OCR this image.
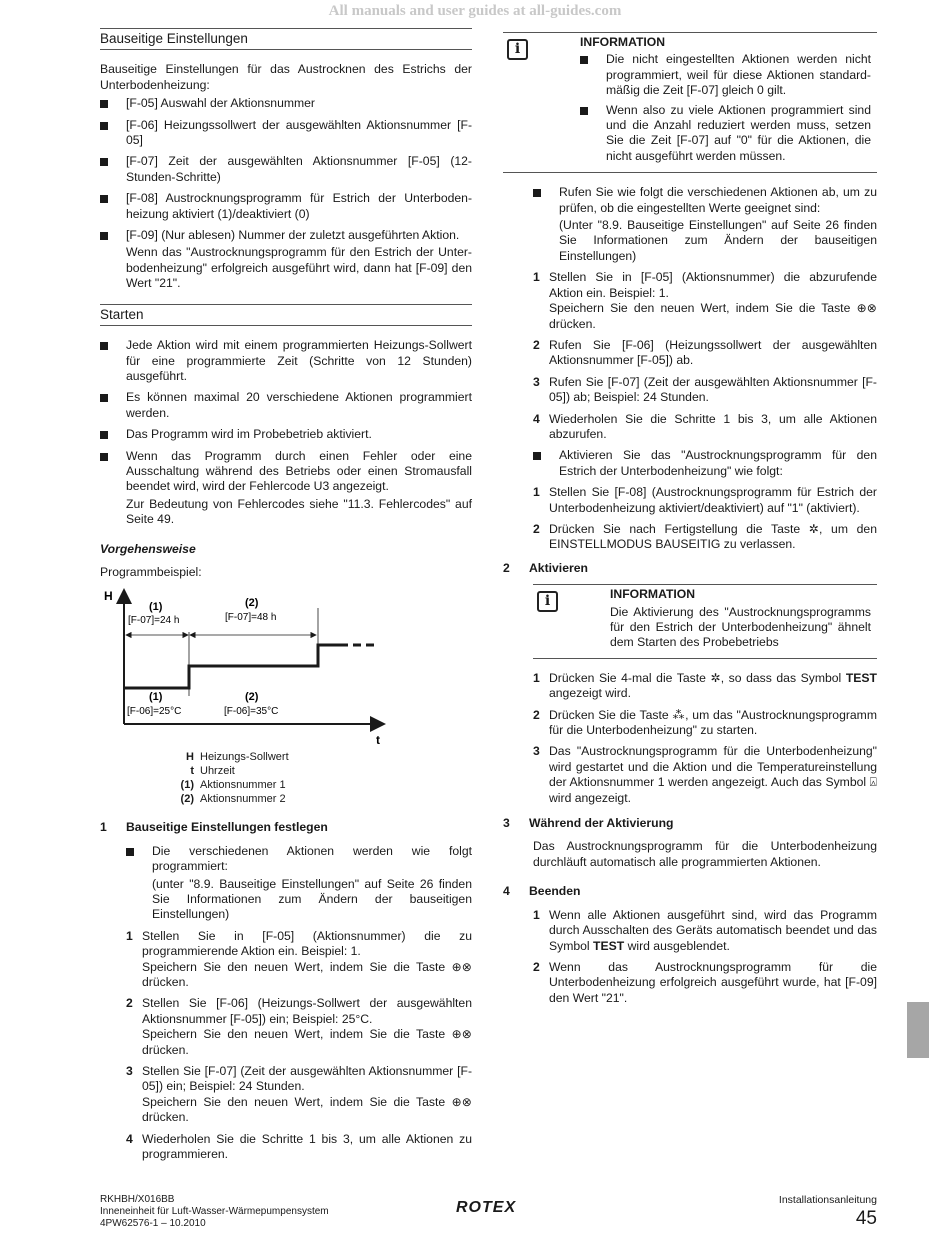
All manuals and user guides at all-guides.com
Bauseitige Einstellungen

Bauseitige Einstellungen für das Austrocknen des Estrichs der Unterbodenheizung:

[F-05] Auswahl der Aktionsnummer
[F-06] Heizungssollwert der ausgewählten Aktionsnummer [F-05]
[F-07] Zeit der ausgewählten Aktionsnummer [F-05] (12-Stunden-Schritte)
[F-08] Austrocknungsprogramm für Estrich der Unterboden-heizung aktiviert (1)/deaktiviert (0)
[F-09] (Nur ablesen) Nummer der zuletzt ausgeführten Aktion.
Wenn das "Austrocknungsprogramm für den Estrich der Unter-bodenheizung" erfolgreich ausgeführt wird, dann hat [F-09] den Wert "21".
Starten
Jede Aktion wird mit einem programmierten Heizungs-Sollwert für eine programmierte Zeit (Schritte von 12 Stunden) ausgeführt.
Es können maximal 20 verschiedene Aktionen programmiert werden.
Das Programm wird im Probebetrieb aktiviert.
Wenn das Programm durch einen Fehler oder eine Ausschaltung während des Betriebs oder einen Stromausfall beendet wird, wird der Fehlercode U3 angezeigt.
Zur Bedeutung von Fehlercodes siehe "11.3. Fehlercodes" auf Seite 49.
Vorgehensweise

Programmbeispiel:

H
t
(1)
[F-07]=24 h
(2)
[F-07]=48 h
(1)
[F-06]=25°C
(2)
[F-06]=35°C
H Heizungs-Sollwert
t Uhrzeit
(1) Aktionsnummer 1
(2) Aktionsnummer 2
1 Bauseitige Einstellungen festlegen
Die verschiedenen Aktionen werden wie folgt programmiert:
(unter "8.9. Bauseitige Einstellungen" auf Seite 26 finden Sie Informationen zum Ändern der bauseitigen Einstellungen)
1 Stellen Sie in [F-05] (Aktionsnummer) die zu programmierende Aktion ein. Beispiel: 1.
Speichern Sie den neuen Wert, indem Sie die Taste ⊕⊗ drücken.
2 Stellen Sie [F-06] (Heizungs-Sollwert der ausgewählten Aktionsnummer [F-05]) ein; Beispiel: 25°C.
Speichern Sie den neuen Wert, indem Sie die Taste ⊕⊗ drücken.
3 Stellen Sie [F-07] (Zeit der ausgewählten Aktionsnummer [F-05]) ein; Beispiel: 24 Stunden.
Speichern Sie den neuen Wert, indem Sie die Taste ⊕⊗ drücken.
4 Wiederholen Sie die Schritte 1 bis 3, um alle Aktionen zu programmieren.
i	INFORMATION
Die nicht eingestellten Aktionen werden nicht programmiert, weil für diese Aktionen standard-mäßig die Zeit [F-07] gleich 0 gilt.
Wenn also zu viele Aktionen programmiert sind und die Anzahl reduziert werden muss, setzen Sie die Zeit [F-07] auf "0" für die Aktionen, die nicht ausgeführt werden müssen.
Rufen Sie wie folgt die verschiedenen Aktionen ab, um zu prüfen, ob die eingestellten Werte geeignet sind:
(Unter "8.9. Bauseitige Einstellungen" auf Seite 26 finden Sie Informationen zum Ändern der bauseitigen Einstellungen)
1 Stellen Sie in [F-05] (Aktionsnummer) die abzurufende Aktion ein. Beispiel: 1.
Speichern Sie den neuen Wert, indem Sie die Taste ⊕⊗ drücken.
2 Rufen Sie [F-06] (Heizungssollwert der ausgewählten Aktionsnummer [F-05]) ab.
3 Rufen Sie [F-07] (Zeit der ausgewählten Aktionsnummer [F-05]) ab; Beispiel: 24 Stunden.
4 Wiederholen Sie die Schritte 1 bis 3, um alle Aktionen abzurufen.
Aktivieren Sie das "Austrocknungsprogramm für den Estrich der Unterbodenheizung" wie folgt:
1 Stellen Sie [F-08] (Austrocknungsprogramm für Estrich der Unterbodenheizung aktiviert/deaktiviert) auf "1" (aktiviert).
2 Drücken Sie nach Fertigstellung die Taste ✲, um den EINSTELLMODUS BAUSEITIG zu verlassen.
2 Aktivieren
i	INFORMATION

Die Aktivierung des "Austrocknungsprogramms für den Estrich der Unterbodenheizung" ähnelt dem Starten des Probebetriebs

1 Drücken Sie 4-mal die Taste ✲, so dass das Symbol TEST angezeigt wird.
2 Drücken Sie die Taste ⁂, um das "Austrocknungsprogramm für die Unterbodenheizung" zu starten.
3 Das "Austrocknungsprogramm für die Unterbodenheizung" wird gestartet und die Aktion und die Temperatureinstellung der Aktionsnummer 1 werden angezeigt. Auch das Symbol ⍓ wird angezeigt.
3 Während der Aktivierung

Das Austrocknungsprogramm für die Unterbodenheizung durchläuft automatisch alle programmierten Aktionen.

4 Beenden
1 Wenn alle Aktionen ausgeführt sind, wird das Programm durch Ausschalten des Geräts automatisch beendet und das Symbol TEST wird ausgeblendet.
2 Wenn das Austrocknungsprogramm für die Unterbodenheizung erfolgreich ausgeführt wurde, hat [F-09] den Wert "21".
RKHBH/X016BB
Inneneinheit für Luft-Wasser-Wärmepumpensystem
4PW62576-1 – 10.2010
ROTEX	Installationsanleitung
45
